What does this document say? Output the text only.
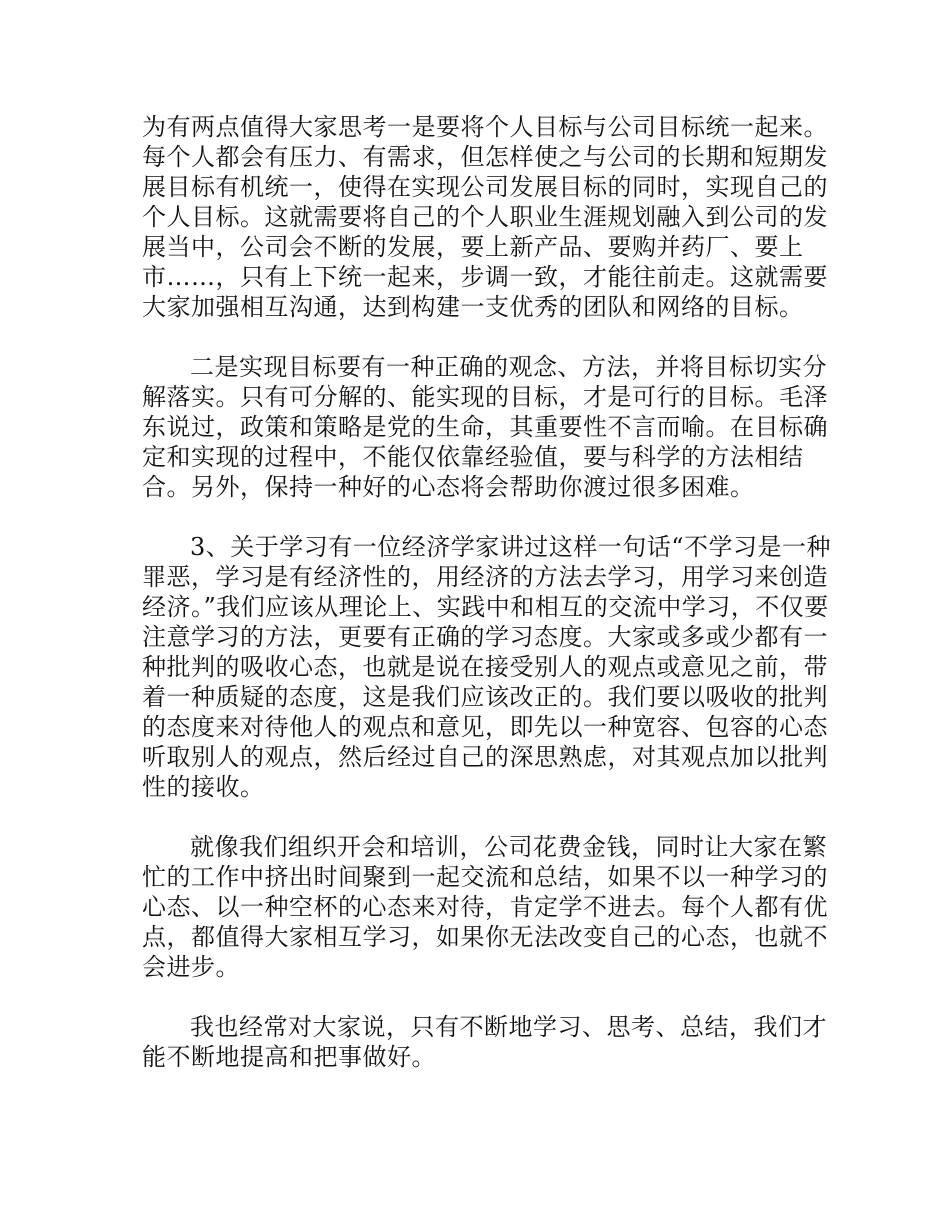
为有两点值得大家思考一是要将个人目标与公司目标统一起来。每个人都会有压力、有需求，但怎样使之与公司的长期和短期发展目标有机统一，使得在实现公司发展目标的同时，实现自己的个人目标。这就需要将自己的个人职业生涯规划融入到公司的发展当中，公司会不断的发展，要上新产品、要购并药厂、要上市……，只有上下统一起来，步调一致，才能往前走。这就需要大家加强相互沟通，达到构建一支优秀的团队和网络的目标。

二是实现目标要有一种正确的观念、方法，并将目标切实分解落实。只有可分解的、能实现的目标，才是可行的目标。毛泽东说过，政策和策略是党的生命，其重要性不言而喻。在目标确定和实现的过程中，不能仅依靠经验值，要与科学的方法相结合。另外，保持一种好的心态将会帮助你渡过很多困难。

3、关于学习有一位经济学家讲过这样一句话“不学习是一种罪恶，学习是有经济性的，用经济的方法去学习，用学习来创造经济。”我们应该从理论上、实践中和相互的交流中学习，不仅要注意学习的方法，更要有正确的学习态度。大家或多或少都有一种批判的吸收心态，也就是说在接受别人的观点或意见之前，带着一种质疑的态度，这是我们应该改正的。我们要以吸收的批判的态度来对待他人的观点和意见，即先以一种宽容、包容的心态听取别人的观点，然后经过自己的深思熟虑，对其观点加以批判性的接收。

就像我们组织开会和培训，公司花费金钱，同时让大家在繁忙的工作中挤出时间聚到一起交流和总结，如果不以一种学习的心态、以一种空杯的心态来对待，肯定学不进去。每个人都有优点，都值得大家相互学习，如果你无法改变自己的心态，也就不会进步。

我也经常对大家说，只有不断地学习、思考、总结，我们才能不断地提高和把事做好。
